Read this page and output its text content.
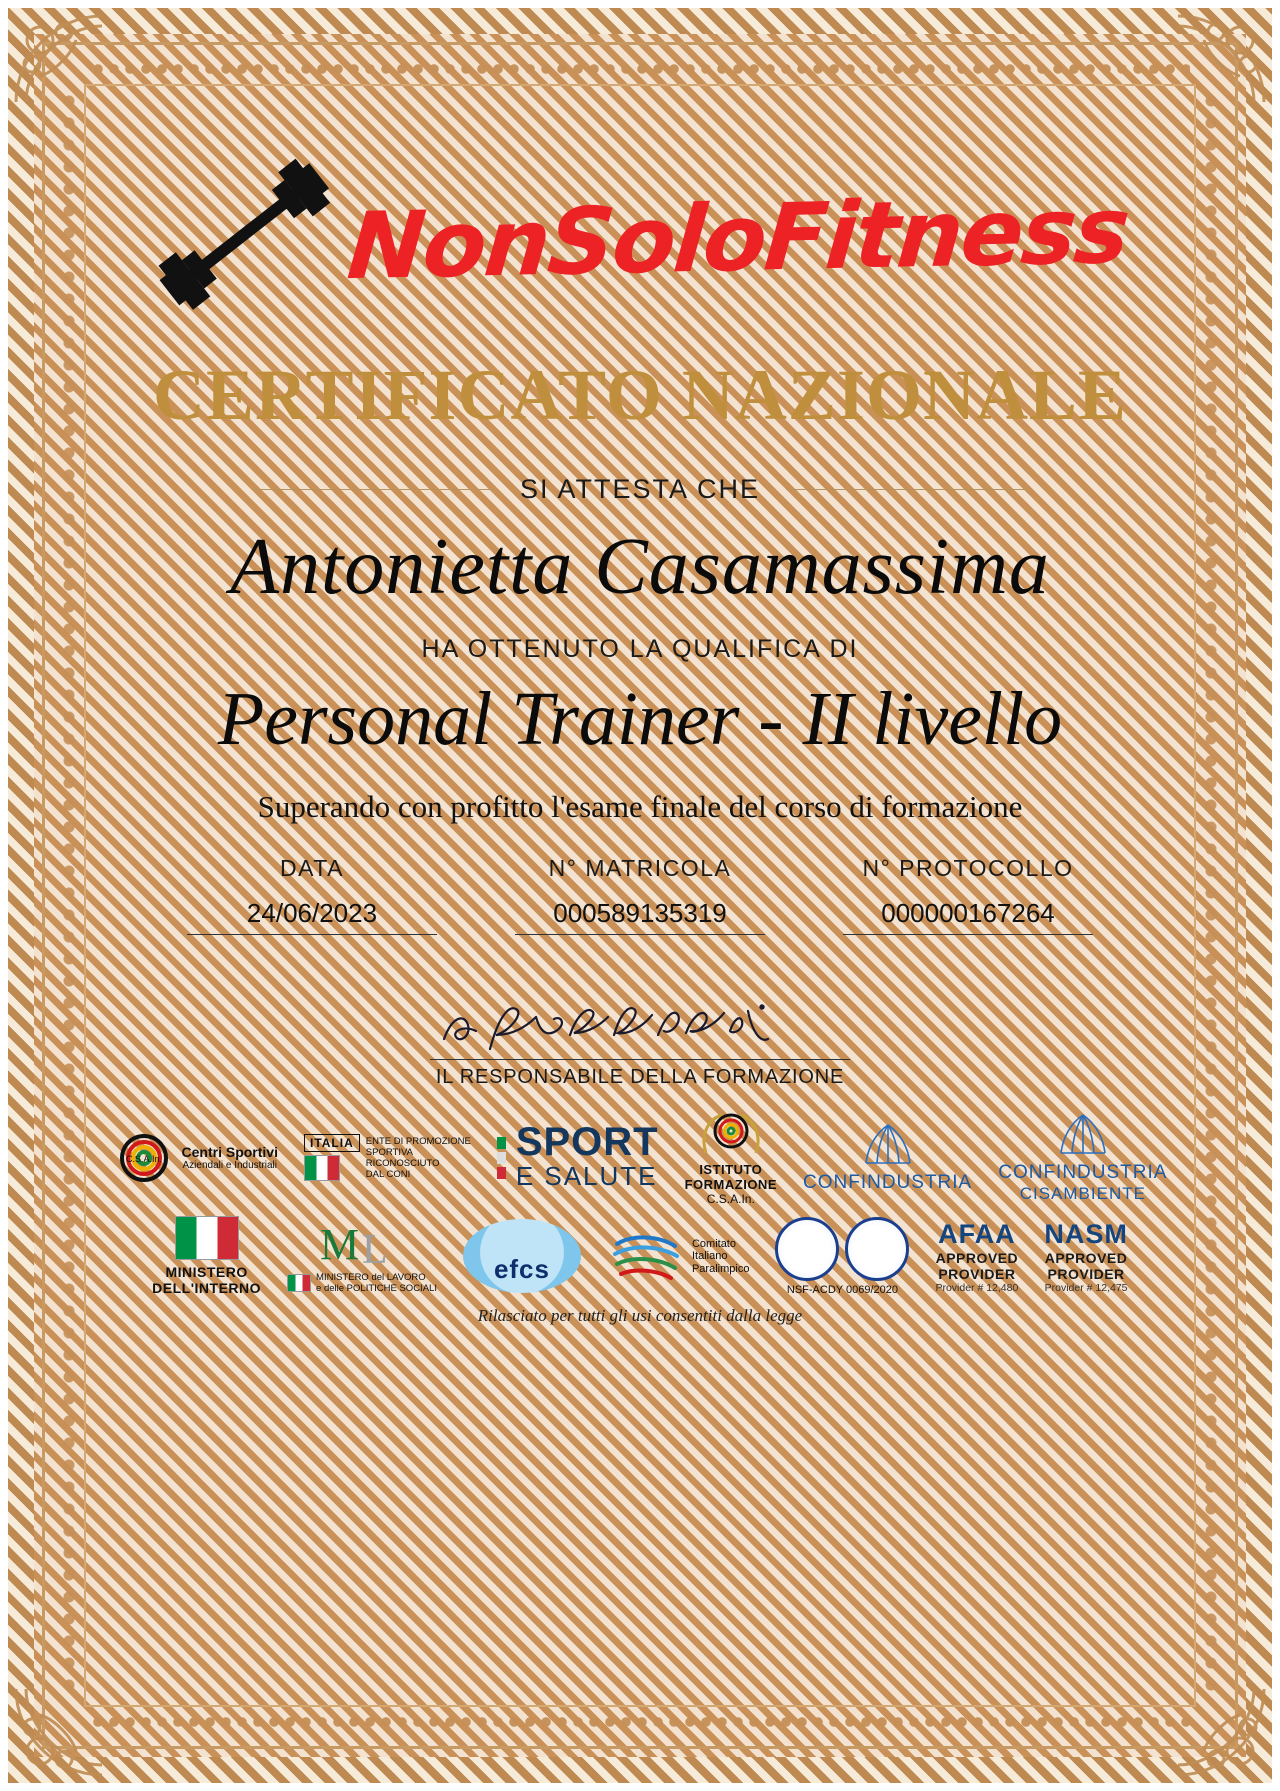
NonSoloFitness
CERTIFICATO NAZIONALE
SI ATTESTA CHE
Antonietta Casamassima
HA OTTENUTO LA QUALIFICA DI
Personal Trainer - II livello
Superando con profitto l'esame finale del corso di formazione
DATA
24/06/2023
N° MATRICOLA
000589135319
N° PROTOCOLLO
000000167264
IL RESPONSABILE DELLA FORMAZIONE
C.S.A.In. Centri Sportivi
Aziendali e Industriali
ITALIA	ENTE DI PROMOZIONE
SPORTIVA
RICONOSCIUTO
DAL CONI
SPORT
E SALUTE	ISTITUTO
FORMAZIONE
C.S.A.In.
CONFINDUSTRIA CONFINDUSTRIA
CISAMBIENTE
MINISTERO
DELL'INTERNO
M L
MINISTERO del LAVORO
e delle POLITICHE SOCIALI
efcs
Comitato
Italiano
Paralimpico
NSF-ACDY 0069/2020
AFAA
APPROVED
PROVIDER
Provider # 12,480
NASM
APPROVED
PROVIDER
Provider # 12,475
Rilasciato per tutti gli usi consentiti dalla legge
